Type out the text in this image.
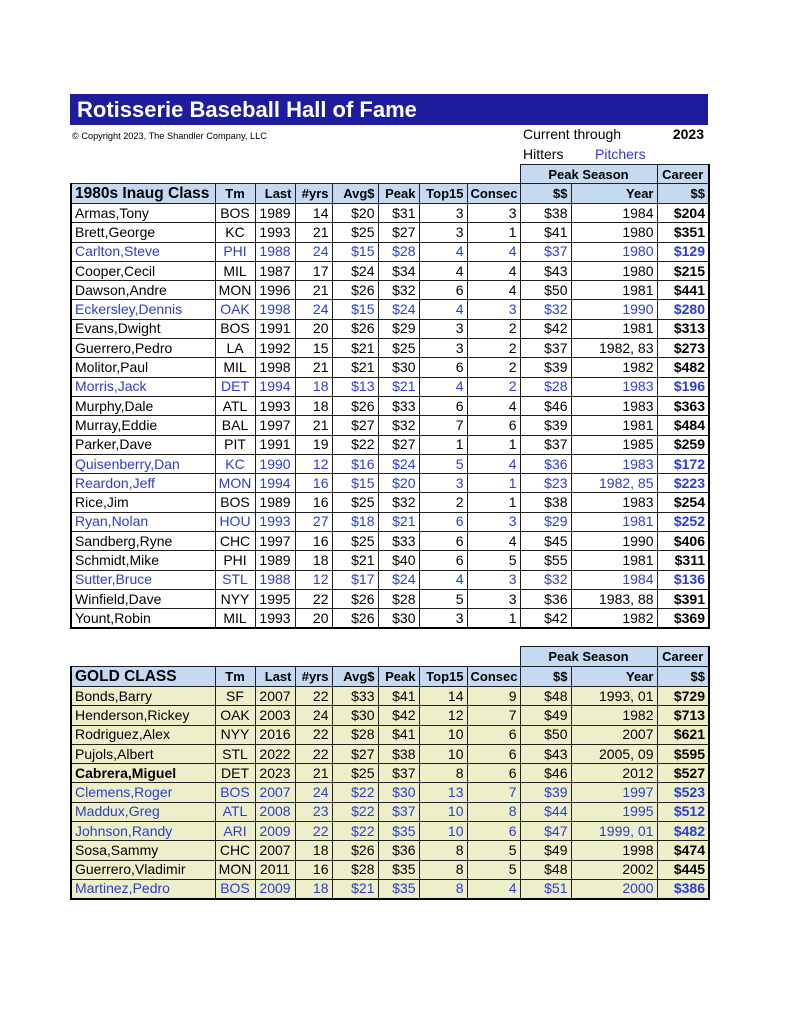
Rotisserie Baseball Hall of Fame
© Copyright 2023, The Shandler Company, LLC	Current through	2023
Hitters Pitchers
								Peak Season		Career
1980s Inaug Class	Tm	Last	#yrs	Avg$	Peak	Top15	Consec	$$	Year	$$
Armas,Tony	BOS	1989	14	$20	$31	3	3	$38	1984	$204
Brett,George	KC	1993	21	$25	$27	3	1	$41	1980	$351
Carlton,Steve	PHI	1988	24	$15	$28	4	4	$37	1980	$129
Cooper,Cecil	MIL	1987	17	$24	$34	4	4	$43	1980	$215
Dawson,Andre	MON	1996	21	$26	$32	6	4	$50	1981	$441
Eckersley,Dennis	OAK	1998	24	$15	$24	4	3	$32	1990	$280
Evans,Dwight	BOS	1991	20	$26	$29	3	2	$42	1981	$313
Guerrero,Pedro	LA	1992	15	$21	$25	3	2	$37	1982, 83	$273
Molitor,Paul	MIL	1998	21	$21	$30	6	2	$39	1982	$482
Morris,Jack	DET	1994	18	$13	$21	4	2	$28	1983	$196
Murphy,Dale	ATL	1993	18	$26	$33	6	4	$46	1983	$363
Murray,Eddie	BAL	1997	21	$27	$32	7	6	$39	1981	$484
Parker,Dave	PIT	1991	19	$22	$27	1	1	$37	1985	$259
Quisenberry,Dan	KC	1990	12	$16	$24	5	4	$36	1983	$172
Reardon,Jeff	MON	1994	16	$15	$20	3	1	$23	1982, 85	$223
Rice,Jim	BOS	1989	16	$25	$32	2	1	$38	1983	$254
Ryan,Nolan	HOU	1993	27	$18	$21	6	3	$29	1981	$252
Sandberg,Ryne	CHC	1997	16	$25	$33	6	4	$45	1990	$406
Schmidt,Mike	PHI	1989	18	$21	$40	6	5	$55	1981	$311
Sutter,Bruce	STL	1988	12	$17	$24	4	3	$32	1984	$136
Winfield,Dave	NYY	1995	22	$26	$28	5	3	$36	1983, 88	$391
Yount,Robin	MIL	1993	20	$26	$30	3	1	$42	1982	$369
								Peak Season		Career
GOLD CLASS	Tm	Last	#yrs	Avg$	Peak	Top15	Consec	$$	Year	$$
Bonds,Barry	SF	2007	22	$33	$41	14	9	$48	1993, 01	$729
Henderson,Rickey	OAK	2003	24	$30	$42	12	7	$49	1982	$713
Rodriguez,Alex	NYY	2016	22	$28	$41	10	6	$50	2007	$621
Pujols,Albert	STL	2022	22	$27	$38	10	6	$43	2005, 09	$595
Cabrera,Miguel	DET	2023	21	$25	$37	8	6	$46	2012	$527
Clemens,Roger	BOS	2007	24	$22	$30	13	7	$39	1997	$523
Maddux,Greg	ATL	2008	23	$22	$37	10	8	$44	1995	$512
Johnson,Randy	ARI	2009	22	$22	$35	10	6	$47	1999, 01	$482
Sosa,Sammy	CHC	2007	18	$26	$36	8	5	$49	1998	$474
Guerrero,Vladimir	MON	2011	16	$28	$35	8	5	$48	2002	$445
Martinez,Pedro	BOS	2009	18	$21	$35	8	4	$51	2000	$386
